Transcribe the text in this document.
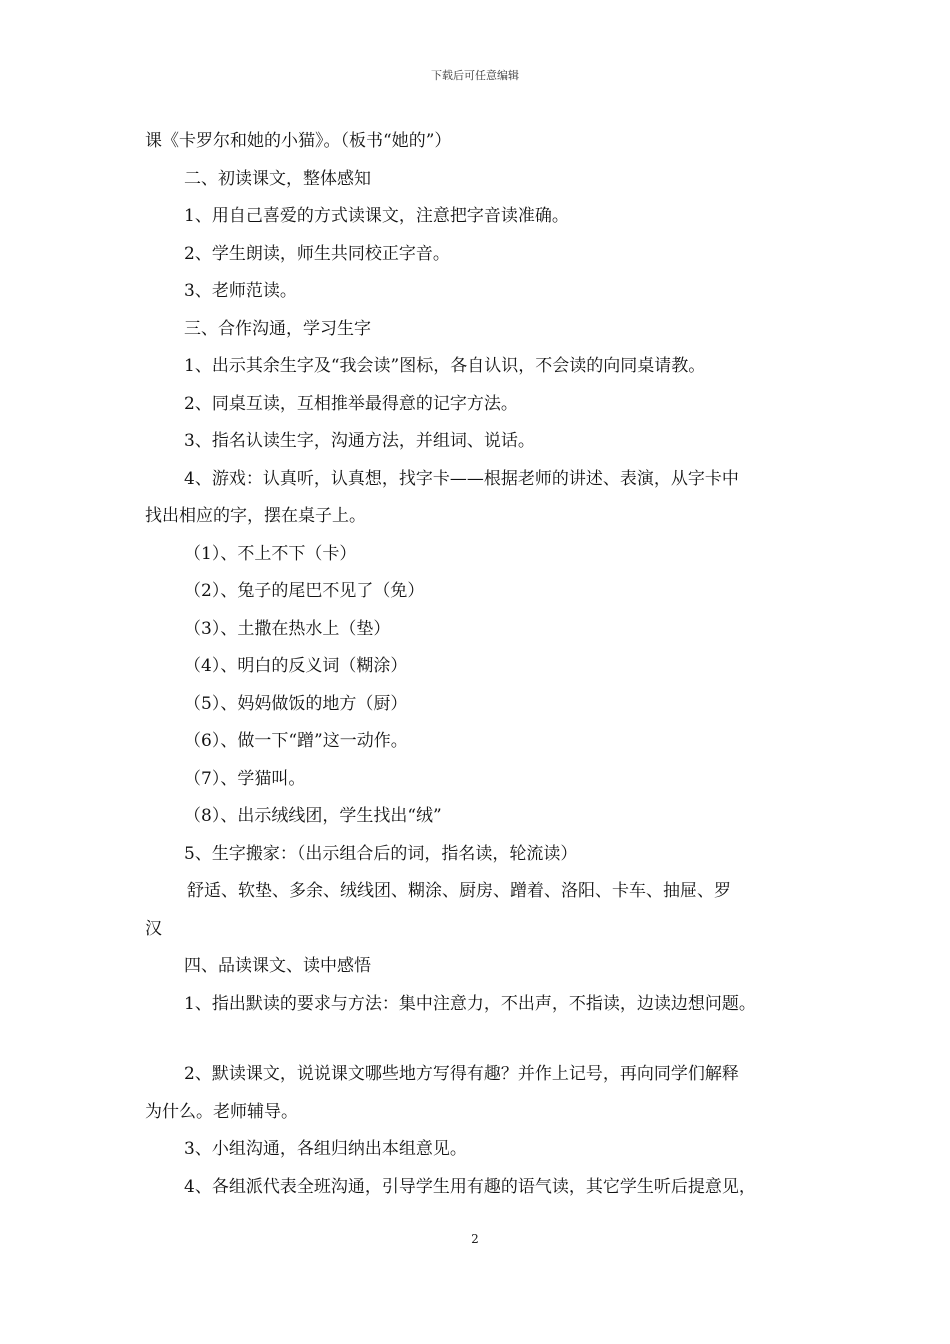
下载后可任意编辑

课《卡罗尔和她的小猫》。（板书“她的”）

二、初读课文，整体感知

1、用自己喜爱的方式读课文，注意把字音读准确。

2、学生朗读，师生共同校正字音。

3、老师范读。

三、合作沟通，学习生字

1、出示其余生字及“我会读”图标，各自认识，不会读的向同桌请教。

2、同桌互读，互相推举最得意的记字方法。

3、指名认读生字，沟通方法，并组词、说话。

4、游戏：认真听，认真想，找字卡——根据老师的讲述、表演，从字卡中

找出相应的字，摆在桌子上。

（1）、不上不下（卡）

（2）、兔子的尾巴不见了（免）

（3）、土撒在热水上（垫）

（4）、明白的反义词（糊涂）

（5）、妈妈做饭的地方（厨）

（6）、做一下“蹭”这一动作。

（7）、学猫叫。

（8）、出示绒线团，学生找出“绒”

5、生字搬家：（出示组合后的词，指名读，轮流读）

舒适、软垫、多余、绒线团、糊涂、厨房、蹭着、洛阳、卡车、抽屉、罗

汉

四、品读课文、读中感悟

1、指出默读的要求与方法：集中注意力，不出声，不指读，边读边想问题。

2、默读课文，说说课文哪些地方写得有趣？并作上记号，再向同学们解释

为什么。老师辅导。

3、小组沟通，各组归纳出本组意见。

4、各组派代表全班沟通，引导学生用有趣的语气读，其它学生听后提意见，

2
